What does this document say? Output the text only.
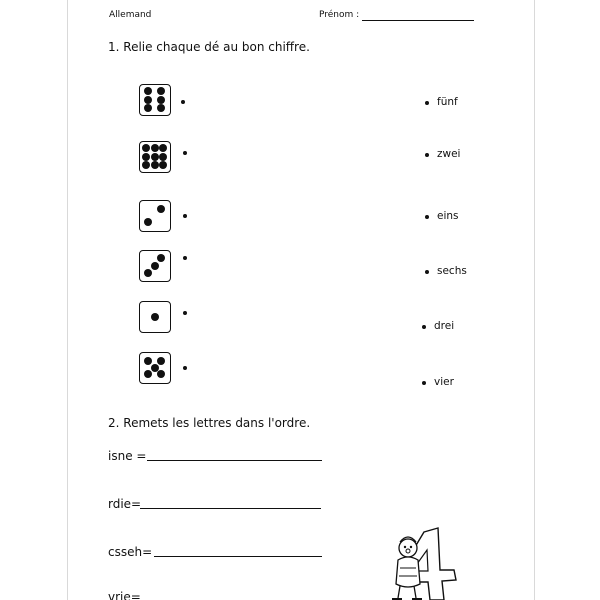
Allemand	Prénom :
1. Relie chaque dé au bon chiffre.
fünf
zwei
eins
sechs
drei
vier
2. Remets les lettres dans l'ordre.
isne =
rdie=
csseh=
vrie=
